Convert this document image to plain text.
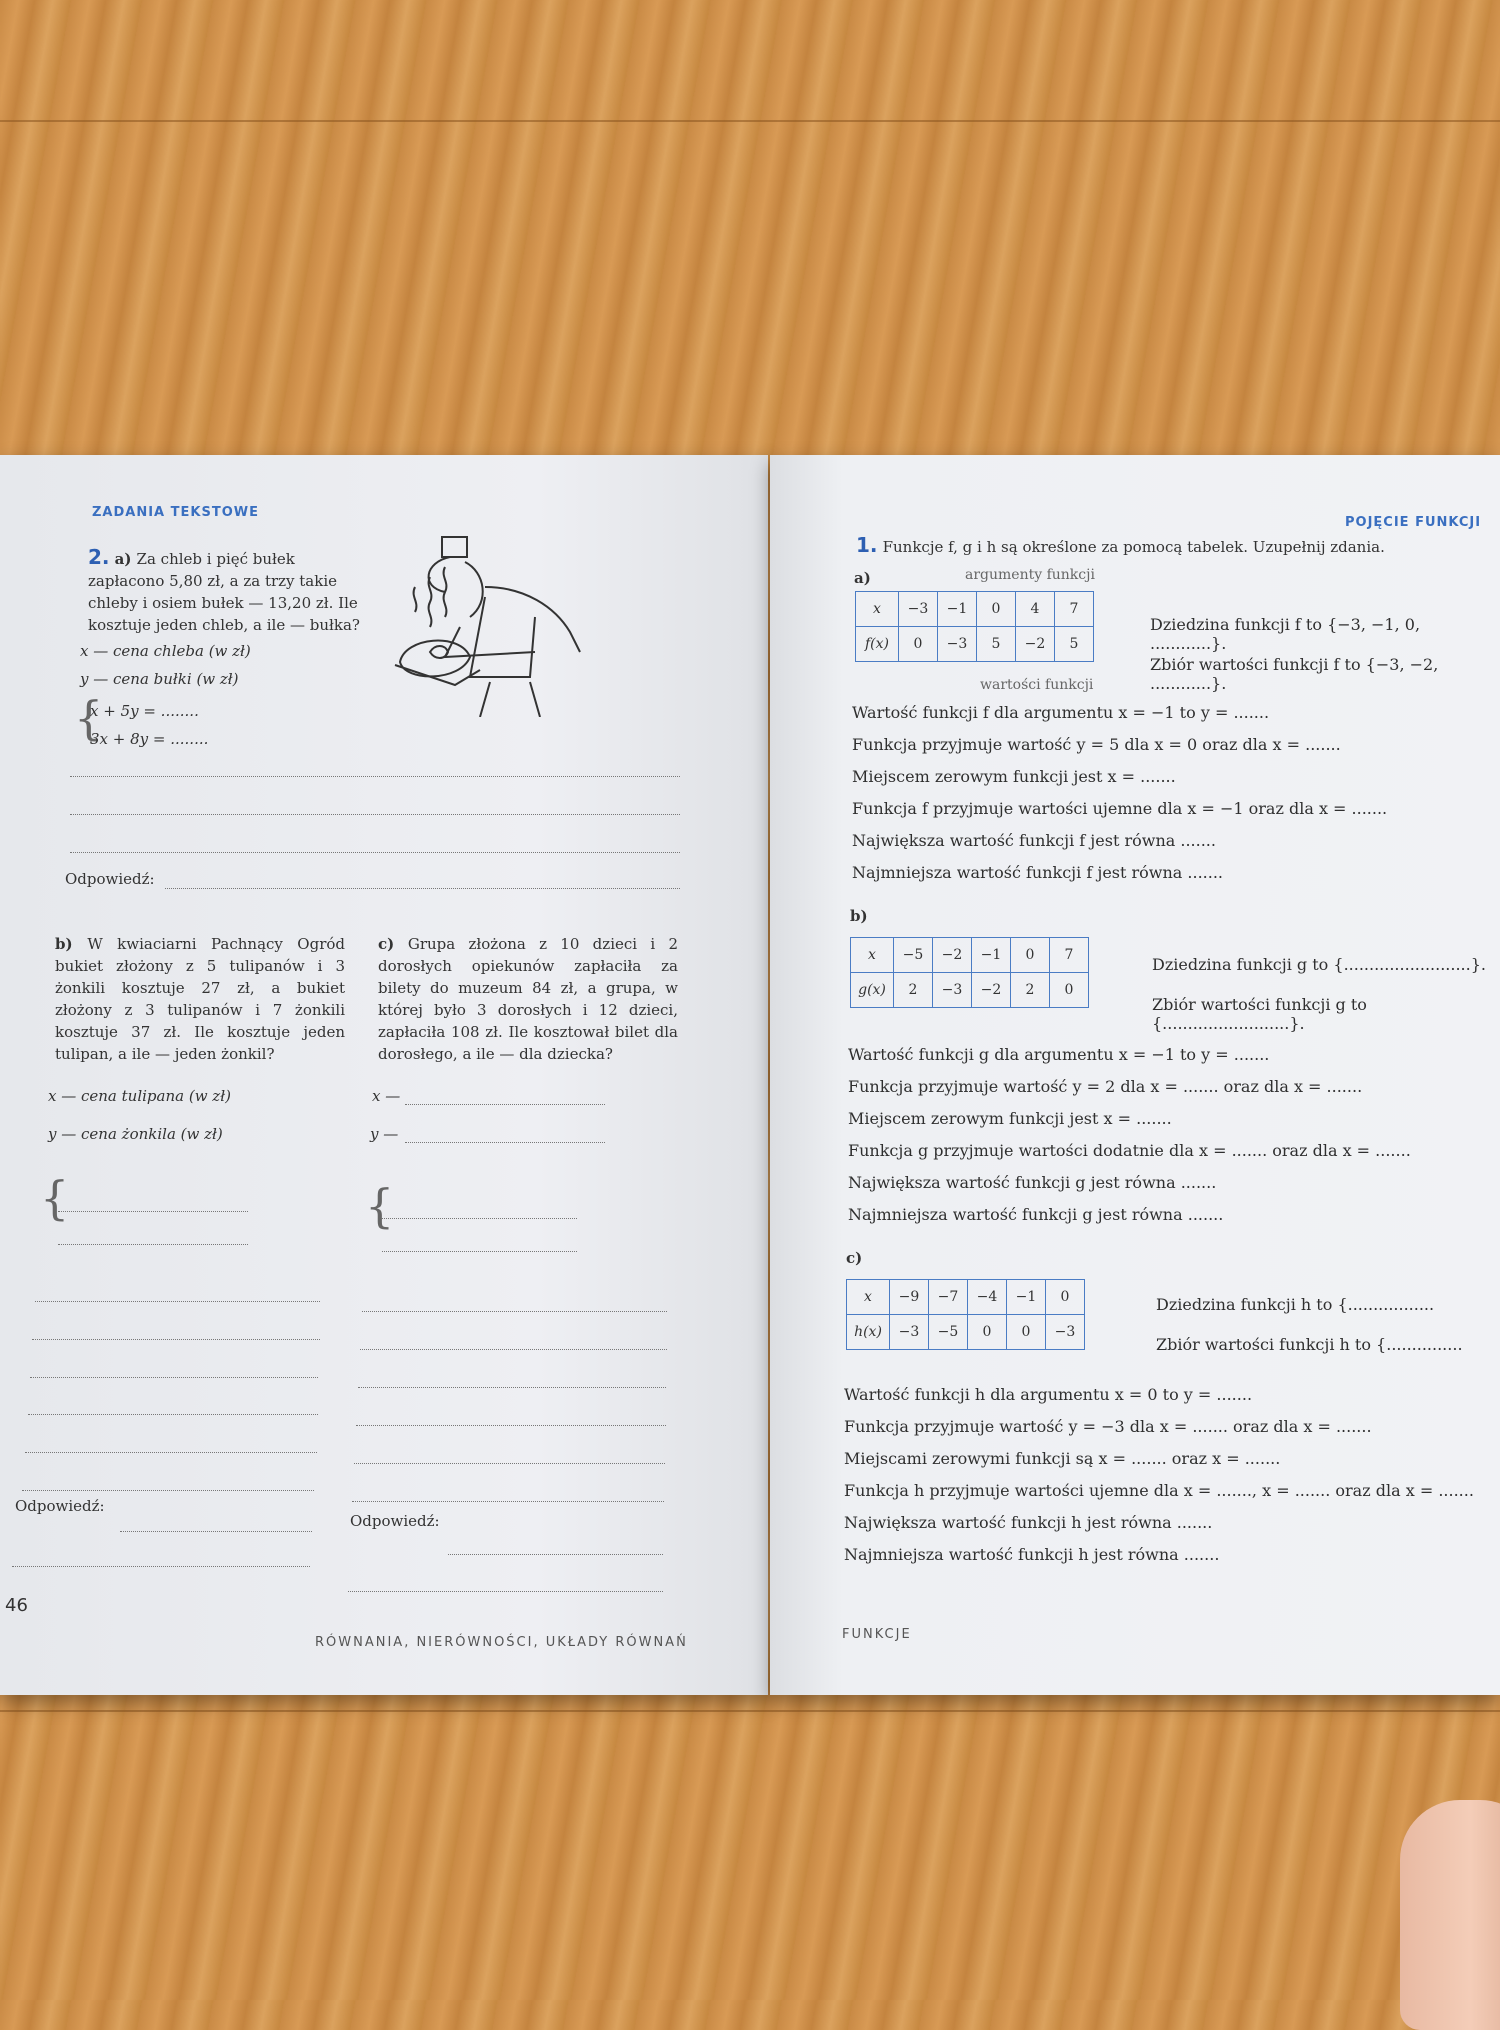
ZADANIA TEKSTOWE
2. a) Za chleb i pięć bułek zapłacono 5,80 zł, a za trzy takie chleby i osiem bułek — 13,20 zł. Ile kosztuje jeden chleb, a ile — bułka?
x — cena chleba (w zł)
y — cena bułki (w zł)
{
x + 5y = ........
3x + 8y = ........
Odpowiedź:
b) W kwiaciarni Pachnący Ogród bukiet złożony z 5 tulipanów i 3 żonkili kosztuje 27 zł, a bukiet złożony z 3 tulipanów i 7 żonkili kosztuje 37 zł. Ile kosztuje jeden tulipan, a ile — jeden żonkil?
x — cena tulipana (w zł)
y — cena żonkila (w zł)
{
Odpowiedź:
c) Grupa złożona z 10 dzieci i 2 dorosłych opiekunów zapłaciła za bilety do muzeum 84 zł, a grupa, w której było 3 dorosłych i 12 dzieci, zapłaciła 108 zł. Ile kosztował bilet dla dorosłego, a ile — dla dziecka?
x —
y —
{
Odpowiedź:
46
RÓWNANIA, NIERÓWNOŚCI, UKŁADY RÓWNAŃ
POJĘCIE FUNKCJI
1. Funkcje f, g i h są określone za pomocą tabelek. Uzupełnij zdania.
a)	argumenty funkcji
x	−3	−1	0	4	7
f(x)	0	−3	5	−2	5
wartości funkcji
Dziedzina funkcji f to {−3, −1, 0, ............}.
Zbiór wartości funkcji f to {−3, −2, ............}.
Wartość funkcji f dla argumentu x = −1 to y = .......
Funkcja przyjmuje wartość y = 5 dla x = 0 oraz dla x = .......
Miejscem zerowym funkcji jest x = .......
Funkcja f przyjmuje wartości ujemne dla x = −1 oraz dla x = .......
Największa wartość funkcji f jest równa .......
Najmniejsza wartość funkcji f jest równa .......
b)
x	−5	−2	−1	0	7
g(x)	2	−3	−2	2	0
Dziedzina funkcji g to {.........................}.
Zbiór wartości funkcji g to {.........................}.
Wartość funkcji g dla argumentu x = −1 to y = .......
Funkcja przyjmuje wartość y = 2 dla x = ....... oraz dla x = .......
Miejscem zerowym funkcji jest x = .......
Funkcja g przyjmuje wartości dodatnie dla x = ....... oraz dla x = .......
Największa wartość funkcji g jest równa .......
Najmniejsza wartość funkcji g jest równa .......
c)
x	−9	−7	−4	−1	0
h(x)	−3	−5	0	0	−3
Dziedzina funkcji h to {.................
Zbiór wartości funkcji h to {...............
Wartość funkcji h dla argumentu x = 0 to y = .......
Funkcja przyjmuje wartość y = −3 dla x = ....... oraz dla x = .......
Miejscami zerowymi funkcji są x = ....... oraz x = .......
Funkcja h przyjmuje wartości ujemne dla x = ......., x = ....... oraz dla x = .......
Największa wartość funkcji h jest równa .......
Najmniejsza wartość funkcji h jest równa .......
FUNKCJE
